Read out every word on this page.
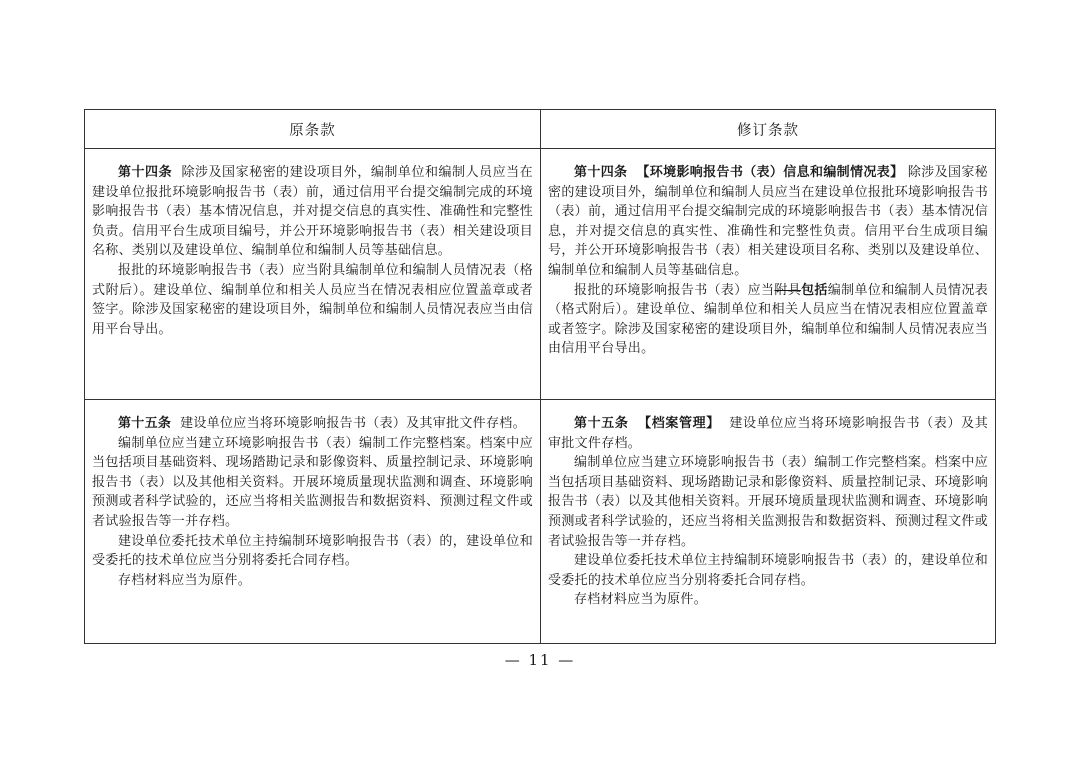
原条款	修订条款

第十四条 除涉及国家秘密的建设项目外，编制单位和编制人员应当在建设单位报批环境影响报告书（表）前，通过信用平台提交编制完成的环境影响报告书（表）基本情况信息，并对提交信息的真实性、准确性和完整性负责。信用平台生成项目编号，并公开环境影响报告书（表）相关建设项目名称、类别以及建设单位、编制单位和编制人员等基础信息。

报批的环境影响报告书（表）应当附具编制单位和编制人员情况表（格式附后）。建设单位、编制单位和相关人员应当在情况表相应位置盖章或者签字。除涉及国家秘密的建设项目外，编制单位和编制人员情况表应当由信用平台导出。

第十四条 【环境影响报告书（表）信息和编制情况表】 除涉及国家秘密的建设项目外，编制单位和编制人员应当在建设单位报批环境影响报告书（表）前，通过信用平台提交编制完成的环境影响报告书（表）基本情况信息，并对提交信息的真实性、准确性和完整性负责。信用平台生成项目编号，并公开环境影响报告书（表）相关建设项目名称、类别以及建设单位、编制单位和编制人员等基础信息。

报批的环境影响报告书（表）应当附具包括编制单位和编制人员情况表（格式附后）。建设单位、编制单位和相关人员应当在情况表相应位置盖章或者签字。除涉及国家秘密的建设项目外，编制单位和编制人员情况表应当由信用平台导出。

第十五条 建设单位应当将环境影响报告书（表）及其审批文件存档。

编制单位应当建立环境影响报告书（表）编制工作完整档案。档案中应当包括项目基础资料、现场踏勘记录和影像资料、质量控制记录、环境影响报告书（表）以及其他相关资料。开展环境质量现状监测和调查、环境影响预测或者科学试验的，还应当将相关监测报告和数据资料、预测过程文件或者试验报告等一并存档。

建设单位委托技术单位主持编制环境影响报告书（表）的，建设单位和受委托的技术单位应当分别将委托合同存档。

存档材料应当为原件。

第十五条 【档案管理】 建设单位应当将环境影响报告书（表）及其审批文件存档。

编制单位应当建立环境影响报告书（表）编制工作完整档案。档案中应当包括项目基础资料、现场踏勘记录和影像资料、质量控制记录、环境影响报告书（表）以及其他相关资料。开展环境质量现状监测和调查、环境影响预测或者科学试验的，还应当将相关监测报告和数据资料、预测过程文件或者试验报告等一并存档。

建设单位委托技术单位主持编制环境影响报告书（表）的，建设单位和受委托的技术单位应当分别将委托合同存档。

存档材料应当为原件。

— 11 —
